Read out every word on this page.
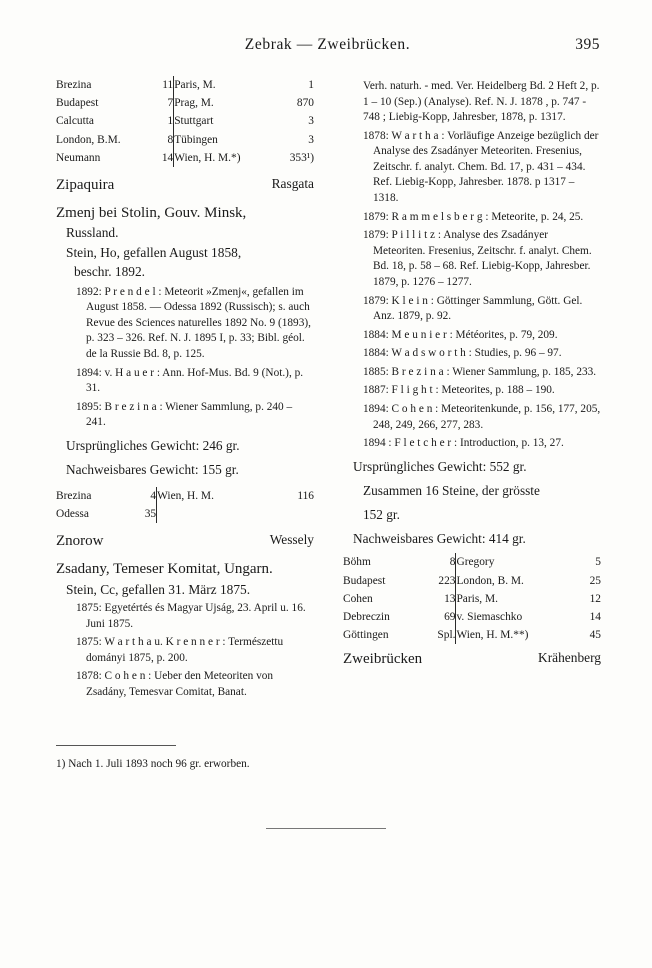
Zebrak — Zweibrücken.	395
Brezina	11	Paris, M.	1
Budapest	7	Prag, M.	870
Calcutta	1	Stuttgart	3
London, B.M.	8	Tübingen	3
Neumann	14	Wien, H. M.*)	353¹)
Zipaquira	Rasgata
Zmenj bei Stolin, Gouv. Minsk,
Russland.
Stein, Ho, gefallen August 1858,
beschr. 1892.
1892: P r e n d e l : Meteorit »Zmenj«, gefallen im August 1858. — Odessa 1892 (Russisch); s. auch Revue des Sciences naturelles 1892 No. 9 (1893), p. 323 – 326. Ref. N. J. 1895 I, p. 33; Bibl. géol. de la Russie Bd. 8, p. 125.
1894: v. H a u e r : Ann. Hof-Mus. Bd. 9 (Not.), p. 31.
1895: B r e z i n a : Wiener Sammlung, p. 240 – 241.
Ursprüngliches Gewicht: 246 gr.
Nachweisbares Gewicht: 155 gr.
Brezina	4	Wien, H. M.	116
Odessa	35		
Znorow	Wessely
Zsadany, Temeser Komitat, Ungarn.
Stein, Cc, gefallen 31. März 1875.
1875: Egyetértés és Magyar Ujság, 23. April u. 16. Juni 1875.
1875: W a r t h a u. K r e n n e r : Természettu dományi 1875, p. 200.
1878: C o h e n : Ueber den Meteoriten von Zsadány, Temesvar Comitat, Banat.
Verh. naturh. - med. Ver. Heidelberg Bd. 2 Heft 2, p. 1 – 10 (Sep.) (Analyse). Ref. N. J. 1878 , p. 747 - 748 ; Liebig-Kopp, Jahresber, 1878, p. 1317.
1878: W a r t h a : Vorläufige Anzeige bezüglich der Analyse des Zsadányer Meteoriten. Fresenius, Zeitschr. f. analyt. Chem. Bd. 17, p. 431 – 434. Ref. Liebig-Kopp, Jahresber. 1878. p 1317 – 1318.
1879: R a m m e l s b e r g : Meteorite, p. 24, 25.
1879: P i l l i t z : Analyse des Zsadányer Meteoriten. Fresenius, Zeitschr. f. analyt. Chem. Bd. 18, p. 58 – 68. Ref. Liebig-Kopp, Jahresber. 1879, p. 1276 – 1277.
1879: K l e i n : Göttinger Sammlung, Gött. Gel. Anz. 1879, p. 92.
1884: M e u n i e r : Météorites, p. 79, 209.
1884: W a d s w o r t h : Studies, p. 96 – 97.
1885: B r e z i n a : Wiener Sammlung, p. 185, 233.
1887: F l i g h t : Meteorites, p. 188 – 190.
1894: C o h e n : Meteoritenkunde, p. 156, 177, 205, 248, 249, 266, 277, 283.
1894 : F l e t c h e r : Introduction, p. 13, 27.
Ursprüngliches Gewicht: 552 gr.
Zusammen 16 Steine, der grösste
152 gr.
Nachweisbares Gewicht: 414 gr.
Böhm	8	Gregory	5
Budapest	223	London, B. M.	25
Cohen	13	Paris, M.	12
Debreczin	69	v. Siemaschko	14
Göttingen	Spl.	Wien, H. M.**)	45
Zweibrücken	Krähenberg
1) Nach 1. Juli 1893 noch 96 gr. erworben.
